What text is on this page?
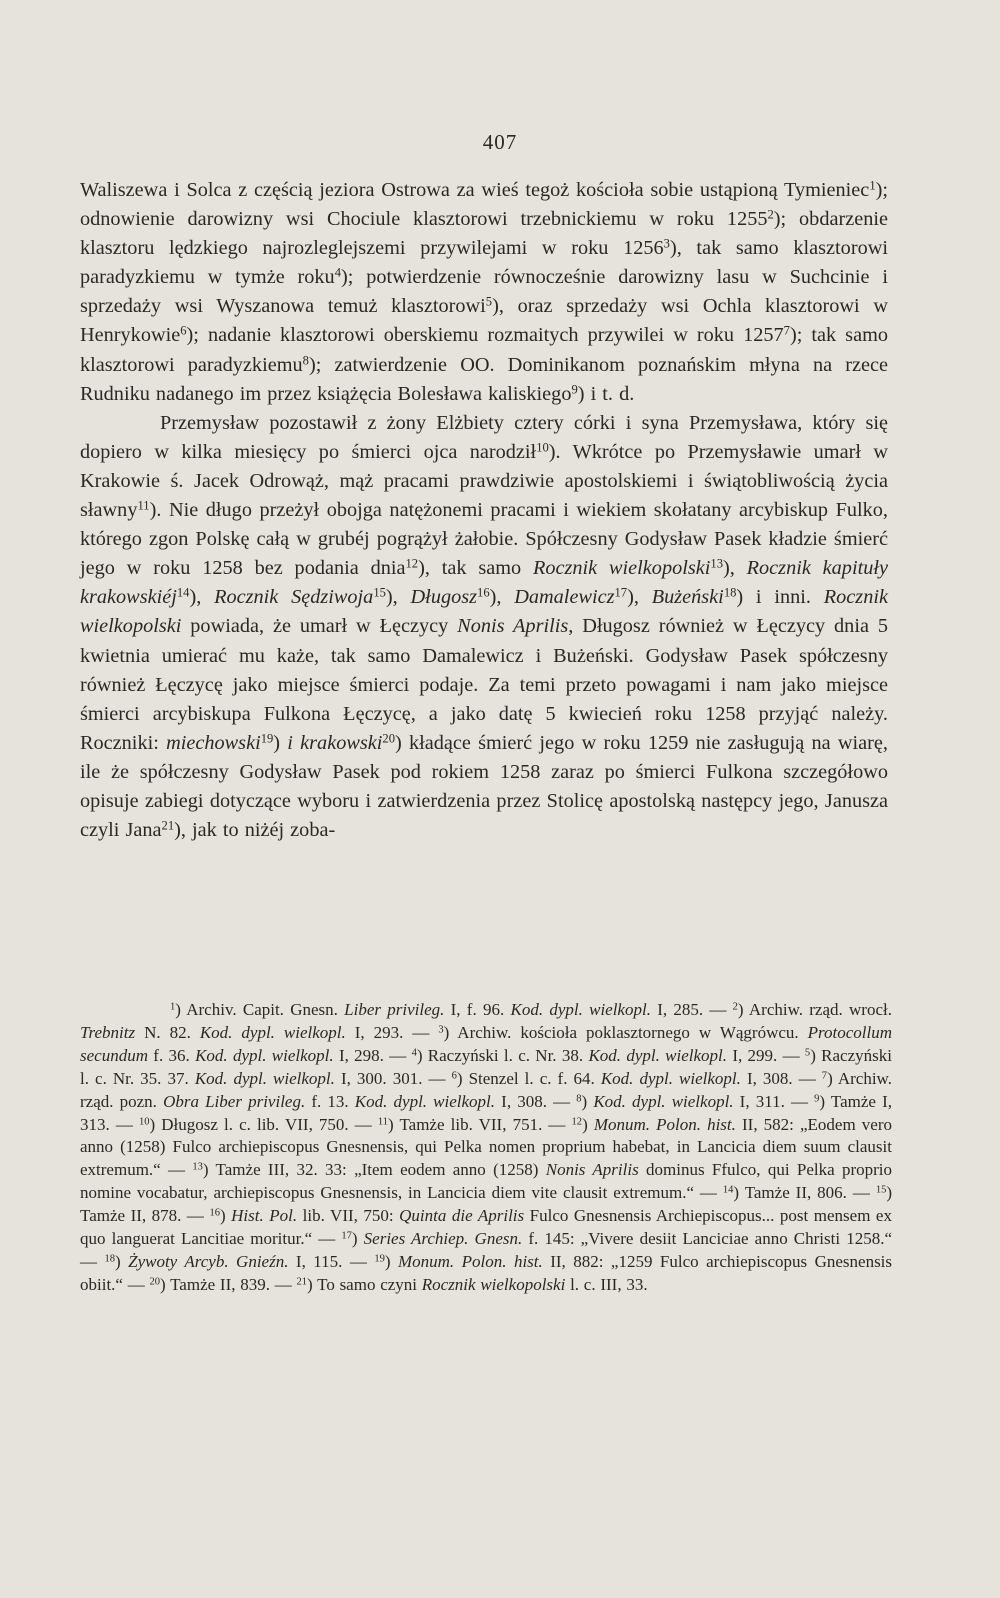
407

Waliszewa i Solca z częścią jeziora Ostrowa za wieś tegoż kościoła sobie ustąpioną Tymieniec$^1$); odnowienie darowizny wsi Chociule klasztorowi trzebnickiemu w roku 1255$^2$); obdarzenie klasztoru lędzkiego najrozleglejszemi przywilejami w roku 1256$^3$), tak samo klasztorowi paradyzkiemu w tymże roku$^4$); potwierdzenie równocześnie darowizny lasu w Suchcinie i sprzedaży wsi Wyszanowa temuż klasztorowi$^5$), oraz sprzedaży wsi Ochla klasztorowi w Henrykowie$^6$); nadanie klasztorowi oberskiemu rozmaitych przywilei w roku 1257$^7$); tak samo klasztorowi paradyzkiemu$^8$); zatwierdzenie OO. Dominikanom poznańskim młyna na rzece Rudniku nadanego im przez książęcia Bolesława kaliskiego$^9$) i t. d.

Przemysław pozostawił z żony Elżbiety cztery córki i syna Przemysława, który się dopiero w kilka miesięcy po śmierci ojca narodził$^{10}$). Wkrótce po Przemysławie umarł w Krakowie ś. Jacek Odrowąż, mąż pracami prawdziwie apostolskiemi i świątobliwością życia sławny$^{11}$). Nie długo przeżył obojga natężonemi pracami i wiekiem skołatany arcybiskup Fulko, którego zgon Polskę całą w grubéj pogrążył żałobie. Spółczesny Godysław Pasek kładzie śmierć jego w roku 1258 bez podania dnia$^{12}$), tak samo Rocznik wielkopolski$^{13}$), Rocznik kapituły krakowskiéj$^{14}$), Rocznik Sędziwoja$^{15}$), Długosz$^{16}$), Damalewicz$^{17}$), Bużeński$^{18}$) i inni. Rocznik wielkopolski powiada, że umarł w Łęczycy Nonis Aprilis, Długosz również w Łęczycy dnia 5 kwietnia umierać mu każe, tak samo Damalewicz i Bużeński. Godysław Pasek spółczesny również Łęczycę jako miejsce śmierci podaje. Za temi przeto powagami i nam jako miejsce śmierci arcybiskupa Fulkona Łęczycę, a jako datę 5 kwiecień roku 1258 przyjąć należy. Roczniki: miechowski$^{19}$) i krakowski$^{20}$) kładące śmierć jego w roku 1259 nie zasługują na wiarę, ile że spółczesny Godysław Pasek pod rokiem 1258 zaraz po śmierci Fulkona szczegółowo opisuje zabiegi dotyczące wyboru i zatwierdzenia przez Stolicę apostolską następcy jego, Janusza czyli Jana$^{21}$), jak to niżéj zoba-

$^1$) Archiv. Capit. Gnesn. Liber privileg. I, f. 96. Kod. dypl. wielkopl. I, 285. — $^2$) Archiw. rząd. wrocł. Trebnitz N. 82. Kod. dypl. wielkopl. I, 293. — $^3$) Archiw. kościoła poklasztornego w Wągrówcu. Protocollum secundum f. 36. Kod. dypl. wielkopl. I, 298. — $^4$) Raczyński l. c. Nr. 38. Kod. dypl. wielkopl. I, 299. — $^5$) Raczyński l. c. Nr. 35. 37. Kod. dypl. wielkopl. I, 300. 301. — $^6$) Stenzel l. c. f. 64. Kod. dypl. wielkopl. I, 308. — $^7$) Archiw. rząd. pozn. Obra Liber privileg. f. 13. Kod. dypl. wielkopl. I, 308. — $^8$) Kod. dypl. wielkopl. I, 311. — $^9$) Tamże I, 313. — $^{10}$) Długosz l. c. lib. VII, 750. — $^{11}$) Tamże lib. VII, 751. — $^{12}$) Monum. Polon. hist. II, 582: „Eodem vero anno (1258) Fulco archiepiscopus Gnesnensis, qui Pelka nomen proprium habebat, in Lancicia diem suum clausit extremum.“ — $^{13}$) Tamże III, 32. 33: „Item eodem anno (1258) Nonis Aprilis dominus Ffulco, qui Pelka proprio nomine vocabatur, archiepiscopus Gnesnensis, in Lancicia diem vite clausit extremum.“ — $^{14}$) Tamże II, 806. — $^{15}$) Tamże II, 878. — $^{16}$) Hist. Pol. lib. VII, 750: Quinta die Aprilis Fulco Gnesnensis Archiepiscopus... post mensem ex quo languerat Lancitiae moritur.“ — $^{17}$) Series Archiep. Gnesn. f. 145: „Vivere desiit Lanciciae anno Christi 1258.“ — $^{18}$) Żywoty Arcyb. Gnieźn. I, 115. — $^{19}$) Monum. Polon. hist. II, 882: „1259 Fulco archiepiscopus Gnesnensis obiit.“ — $^{20}$) Tamże II, 839. — $^{21}$) To samo czyni Rocznik wielkopolski l. c. III, 33.
